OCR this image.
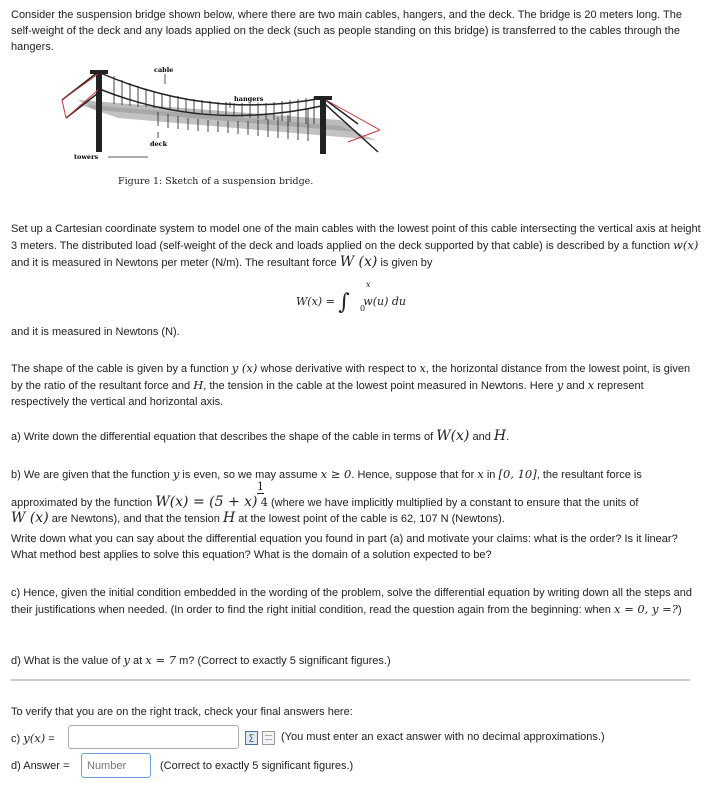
Consider the suspension bridge shown below, where there are two main cables, hangers, and the deck. The bridge is 20 meters long. The self-weight of the deck and any loads applied on the deck (such as people standing on this bridge) is transferred to the cables through the hangers.

cable
hangers
deck
towers
Figure 1: Sketch of a suspension bridge.

Set up a Cartesian coordinate system to model one of the main cables with the lowest point of this cable intersecting the vertical axis at height 3 meters. The distributed load (self-weight of the deck and loads applied on the deck supported by that cable) is described by a function w(x) and it is measured in Newtons per meter (N/m). The resultant force W (x) is given by

W(x) = ∫
x
0
w(u) du

and it is measured in Newtons (N).

The shape of the cable is given by a function y (x) whose derivative with respect to x, the horizontal distance from the lowest point, is given by the ratio of the resultant force and H, the tension in the cable at the lowest point measured in Newtons. Here y and x represent respectively the vertical and horizontal axis.

a) Write down the differential equation that describes the shape of the cable in terms of W(x) and H.

b) We are given that the function y is even, so we may assume x ≥ 0. Hence, suppose that for x in [0, 10], the resultant force is

1

approximated by the function W(x) = (5 + x) 4 (where we have implicitly multiplied by a constant to ensure that the units of

W (x) are Newtons), and that the tension H at the lowest point of the cable is 62, 107 N (Newtons).

Write down what you can say about the differential equation you found in part (a) and motivate your claims: what is the order? Is it linear? What method best applies to solve this equation? What is the domain of a solution expected to be?

c) Hence, given the initial condition embedded in the wording of the problem, solve the differential equation by writing down all the steps and their justifications when needed. (In order to find the right initial condition, read the question again from the beginning: when x = 0, y =?)

d) What is the value of y at x = 7 m? (Correct to exactly 5 significant figures.)

To verify that you are on the right track, check your final answers here:

c) y(x) =	∑ (You must enter an exact answer with no decimal approximations.)
d) Answer =
Number	(Correct to exactly 5 significant figures.)
